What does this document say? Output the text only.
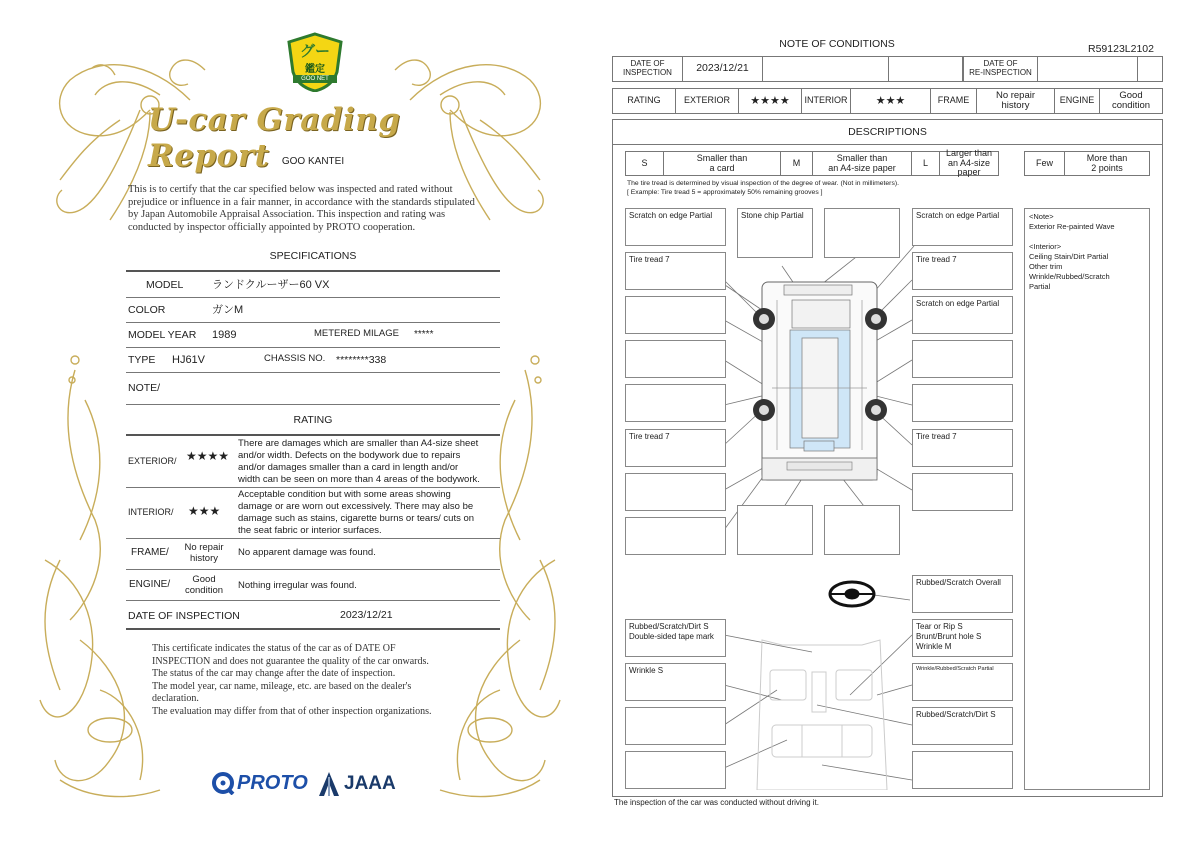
グー
鑑定
GOO NET
U-car Grading Report	GOO KANTEI
This is to certify that the car specified below was inspected and rated without
prejudice or influence in a fair manner, in accordance with the standards stipulated
by Japan Automobile Appraisal Association. This inspection and rating was
conducted by inspector officially appointed by PROTO cooperation.
SPECIFICATIONS
MODEL	ランドクルーザー60 VX
COLOR	ガンM
MODEL YEAR 1989	METERED MILAGE *****
TYPE HJ61V	CHASSIS NO. ********338
NOTE/
RATING
EXTERIOR/ ★★★★
There are damages which are smaller than A4-size sheet
and/or width. Defects on the bodywork due to repairs
and/or damages smaller than a card in length and/or
width can be seen on more than 4 areas of the bodywork.
INTERIOR/ ★★★
Acceptable condition but with some areas showing
damage or are worn out excessively. There may also be
damage such as stains, cigarette burns or tears/ cuts on
the seat fabric or interior surfaces.
FRAME/	No repair
history
No apparent damage was found.
ENGINE/	Good
condition	Nothing irregular was found.
DATE OF INSPECTION	2023/12/21
This certificate indicates the status of the car as of DATE OF
INSPECTION and does not guarantee the quality of the car onwards.
The status of the car may change after the date of inspection.
The model year, car name, mileage, etc. are based on the dealer's
declaration.
The evaluation may differ from that of other inspection organizations.
PROTO JAAA
NOTE OF CONDITIONS	R59123L2102
DATE OF
INSPECTION	2023/12/21	DATE OF
RE-INSPECTION
RATING	EXTERIOR	★★★★	INTERIOR	★★★	FRAME	No repair
history	ENGINE	Good
condition
DESCRIPTIONS
S	Smaller than
a card	M	Smaller than
an A4-size paper	L
Larger than
an A4-size paper
Few	More than
2 points
The tire tread is determined by visual inspection of the degree of wear. (Not in millimeters).
[ Example: Tire tread 5 = approximately 50% remaining grooves ]
Scratch on edge Partial	Stone chip Partial	Scratch on edge Partial
Tire tread 7	Tire tread 7
Scratch on edge Partial
Tire tread 7	Tire tread 7
<Note>
Exterior Re-painted Wave
<Interior>
Ceiling Stain/Dirt Partial
Other trim
Wrinkle/Rubbed/Scratch
Partial
Rubbed/Scratch Overall
Rubbed/Scratch/Dirt S
Double-sided tape mark
Tear or Rip S
Brunt/Brunt hole S
Wrinkle M
Wrinkle S	Wrinkle/Rubbed/Scratch Partial
Rubbed/Scratch/Dirt S
The inspection of the car was conducted without driving it.
